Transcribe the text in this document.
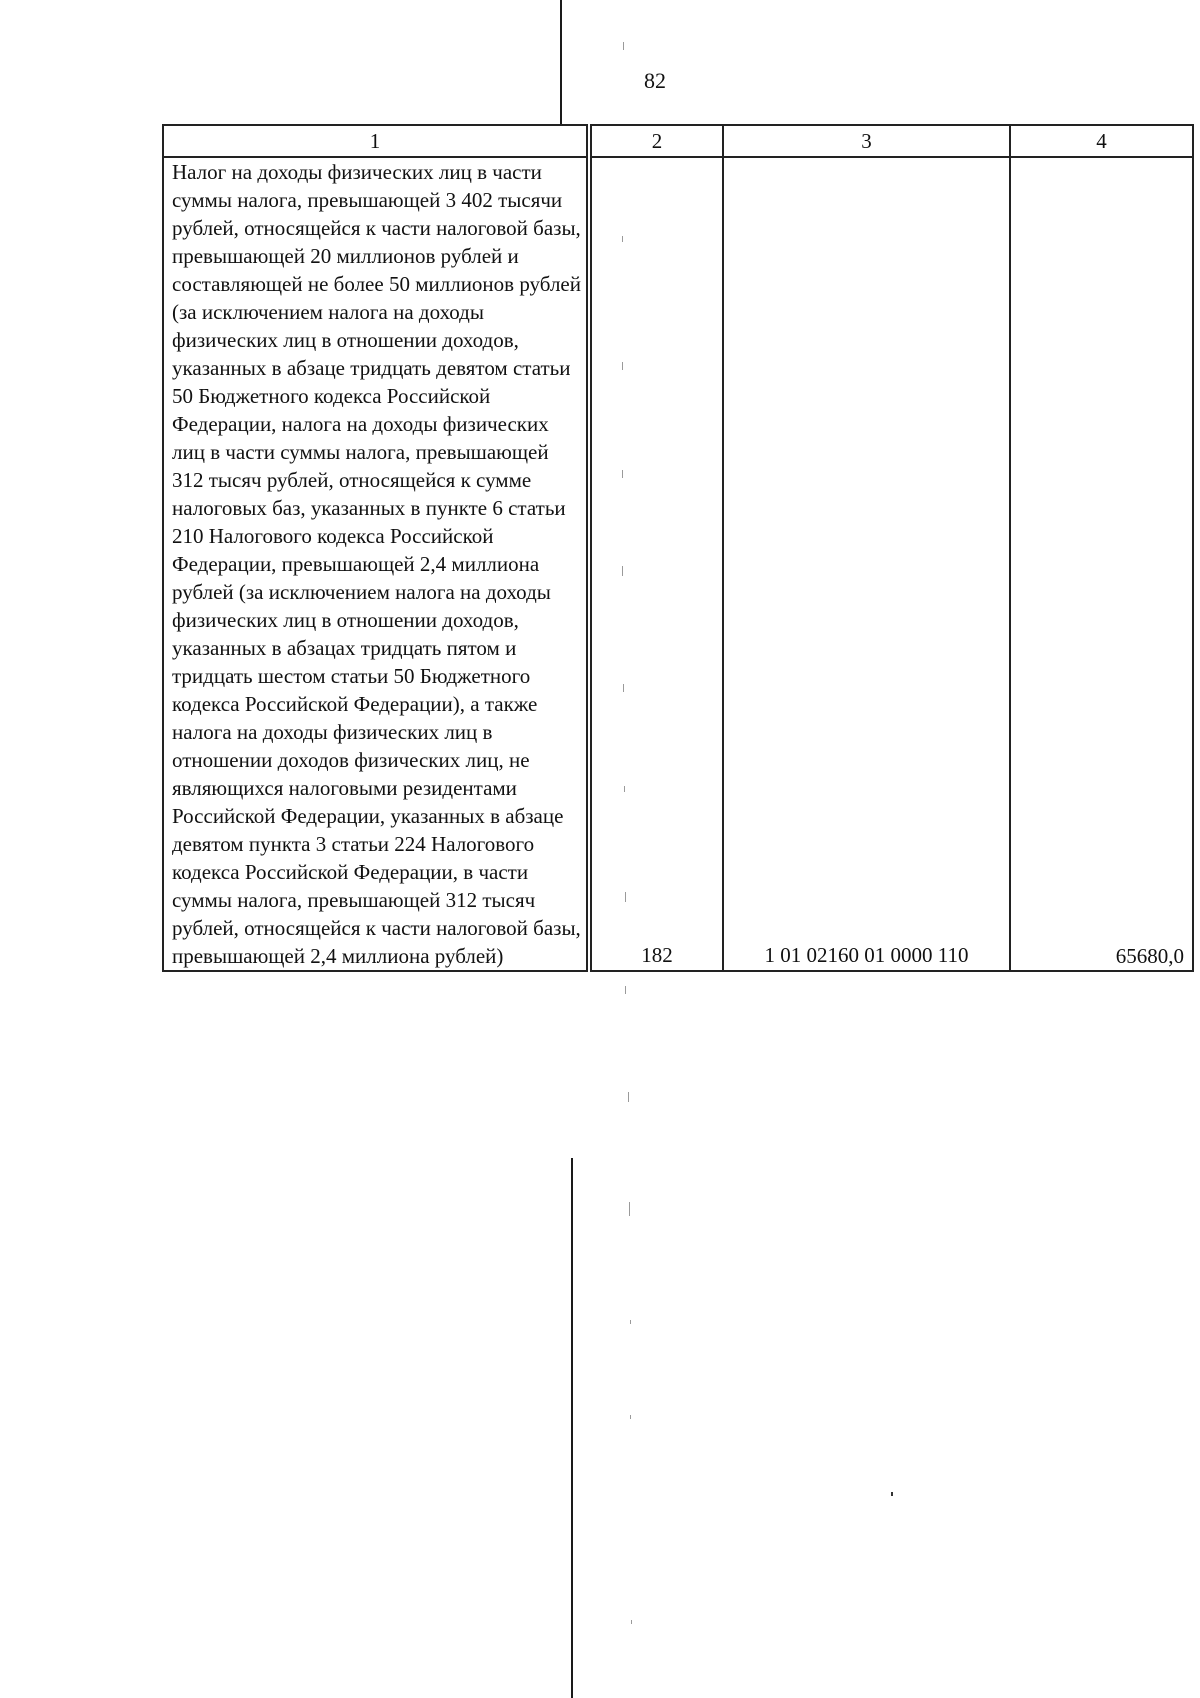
82
1	2	3	4
Налог на доходы физических лиц в части суммы налога, превышающей 3 402 тысячи рублей, относящейся к части налоговой базы, превышающей 20 миллионов рублей и составляющей не более 50 миллионов рублей (за исключением налога на доходы физических лиц в отношении доходов, указанных в абзаце тридцать девятом статьи 50 Бюджетного кодекса Российской Федерации, налога на доходы физических лиц в части суммы налога, превышающей 312 тысяч рублей, относящейся к сумме налоговых баз, указанных в пункте 6 статьи 210 Налогового кодекса Российской Федерации, превышающей 2,4 миллиона рублей (за исключением налога на доходы физических лиц в отношении доходов, указанных в абзацах тридцать пятом и тридцать шестом статьи 50 Бюджетного кодекса Российской Федерации), а также налога на доходы физических лиц в отношении доходов физических лиц, не являющихся налоговыми резидентами Российской Федерации, указанных в абзаце девятом пункта 3 статьи 224 Налогового кодекса Российской Федерации, в части суммы налога, превышающей 312 тысяч рублей, относящейся к части налоговой базы, превышающей 2,4 миллиона рублей)	182	1 01 02160 01 0000 110	65680,0
